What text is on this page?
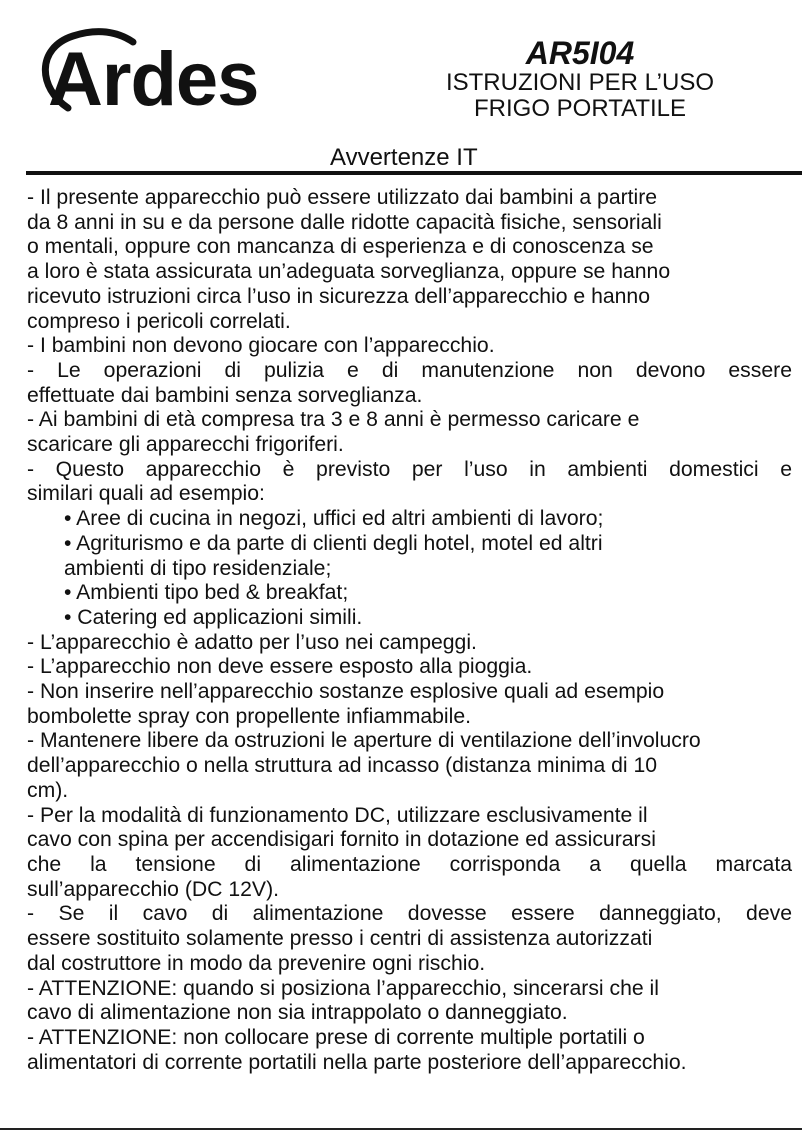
Ardes	AR5I04
ISTRUZIONI PER L’USO
FRIGO PORTATILE
Avvertenze IT

- Il presente apparecchio può essere utilizzato dai bambini a partire

da 8 anni in su e da persone dalle ridotte capacità fisiche, sensoriali

o mentali, oppure con mancanza di esperienza e di conoscenza se

a loro è stata assicurata un’adeguata sorveglianza, oppure se hanno

ricevuto istruzioni circa l’uso in sicurezza dell’apparecchio e hanno

compreso i pericoli correlati.

- I bambini non devono giocare con l’apparecchio.

- Le operazioni di pulizia e di manutenzione non devono essere

effettuate dai bambini senza sorveglianza.

- Ai bambini di età compresa tra 3 e 8 anni è permesso caricare e

scaricare gli apparecchi frigoriferi.

- Questo apparecchio è previsto per l’uso in ambienti domestici e

similari quali ad esempio:

• Aree di cucina in negozi, uffici ed altri ambienti di lavoro;

• Agriturismo e da parte di clienti degli hotel, motel ed altri

ambienti di tipo residenziale;

• Ambienti tipo bed & breakfat;

• Catering ed applicazioni simili.

- L’apparecchio è adatto per l’uso nei campeggi.

- L’apparecchio non deve essere esposto alla pioggia.

- Non inserire nell’apparecchio sostanze esplosive quali ad esempio

bombolette spray con propellente infiammabile.

- Mantenere libere da ostruzioni le aperture di ventilazione dell’involucro

dell’apparecchio o nella struttura ad incasso (distanza minima di 10

cm).

- Per la modalità di funzionamento DC, utilizzare esclusivamente il

cavo con spina per accendisigari fornito in dotazione ed assicurarsi

che la tensione di alimentazione corrisponda a quella marcata

sull’apparecchio (DC 12V).

- Se il cavo di alimentazione dovesse essere danneggiato, deve

essere sostituito solamente presso i centri di assistenza autorizzati

dal costruttore in modo da prevenire ogni rischio.

- ATTENZIONE: quando si posiziona l’apparecchio, sincerarsi che il

cavo di alimentazione non sia intrappolato o danneggiato.

- ATTENZIONE: non collocare prese di corrente multiple portatili o

alimentatori di corrente portatili nella parte posteriore dell’apparecchio.
